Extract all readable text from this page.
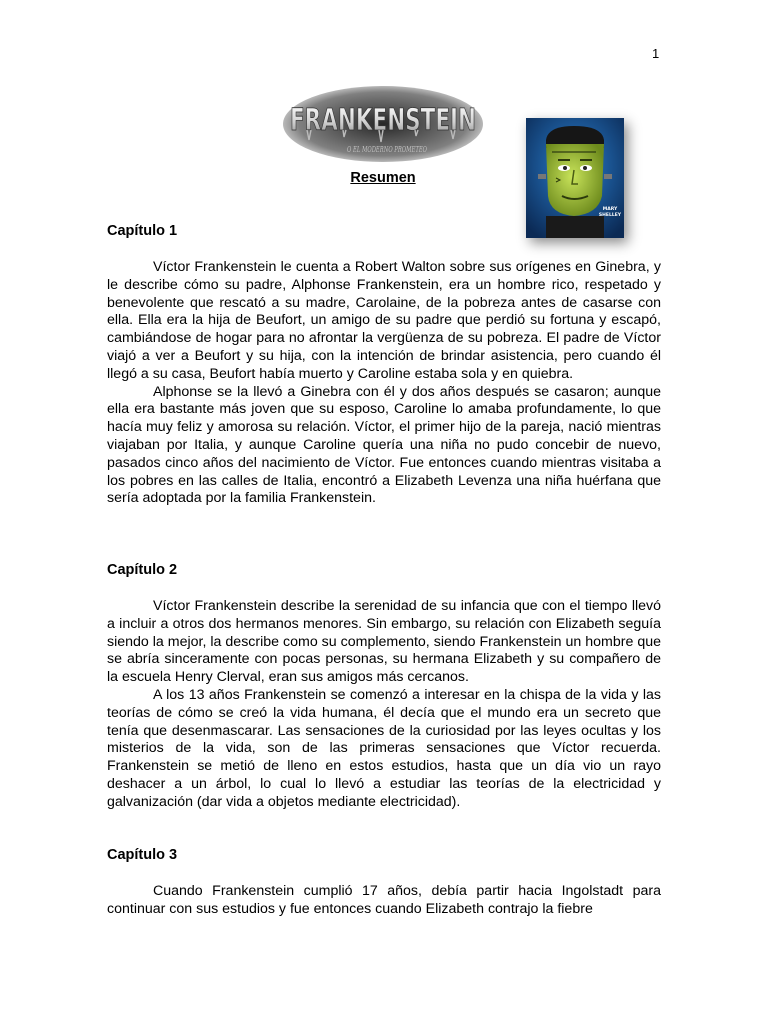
1
FRANKENSTEIN
O EL MODERNO PROMETEO
MARY
SHELLEY
Resumen
Capítulo 1

Víctor Frankenstein le cuenta a Robert Walton sobre sus orígenes en Ginebra, y le describe cómo su padre, Alphonse Frankenstein, era un hombre rico, respetado y benevolente que rescató a su madre, Carolaine, de la pobreza antes de casarse con ella. Ella era la hija de Beufort, un amigo de su padre que perdió su fortuna y escapó, cambiándose de hogar para no afrontar la vergüenza de su pobreza. El padre de Víctor viajó a ver a Beufort y su hija, con la intención de brindar asistencia, pero cuando él llegó a su casa, Beufort había muerto y Caroline estaba sola y en quiebra.

Alphonse se la llevó a Ginebra con él y dos años después se casaron; aunque ella era bastante más joven que su esposo, Caroline lo amaba profundamente, lo que hacía muy feliz y amorosa su relación. Víctor, el primer hijo de la pareja, nació mientras viajaban por Italia, y aunque Caroline quería una niña no pudo concebir de nuevo, pasados cinco años del nacimiento de Víctor. Fue entonces cuando mientras visitaba a los pobres en las calles de Italia, encontró a Elizabeth Levenza una niña huérfana que sería adoptada por la familia Frankenstein.

Capítulo 2

Víctor Frankenstein describe la serenidad de su infancia que con el tiempo llevó a incluir a otros dos hermanos menores. Sin embargo, su relación con Elizabeth seguía siendo la mejor, la describe como su complemento, siendo Frankenstein un hombre que se abría sinceramente con pocas personas, su hermana Elizabeth y su compañero de la escuela Henry Clerval, eran sus amigos más cercanos.

A los 13 años Frankenstein se comenzó a interesar en la chispa de la vida y las teorías de cómo se creó la vida humana, él decía que el mundo era un secreto que tenía que desenmascarar. Las sensaciones de la curiosidad por las leyes ocultas y los misterios de la vida, son de las primeras sensaciones que Víctor recuerda. Frankenstein se metió de lleno en estos estudios, hasta que un día vio un rayo deshacer a un árbol, lo cual lo llevó a estudiar las teorías de la electricidad y galvanización (dar vida a objetos mediante electricidad).

Capítulo 3

Cuando Frankenstein cumplió 17 años, debía partir hacia Ingolstadt para continuar con sus estudios y fue entonces cuando Elizabeth contrajo la fiebre
